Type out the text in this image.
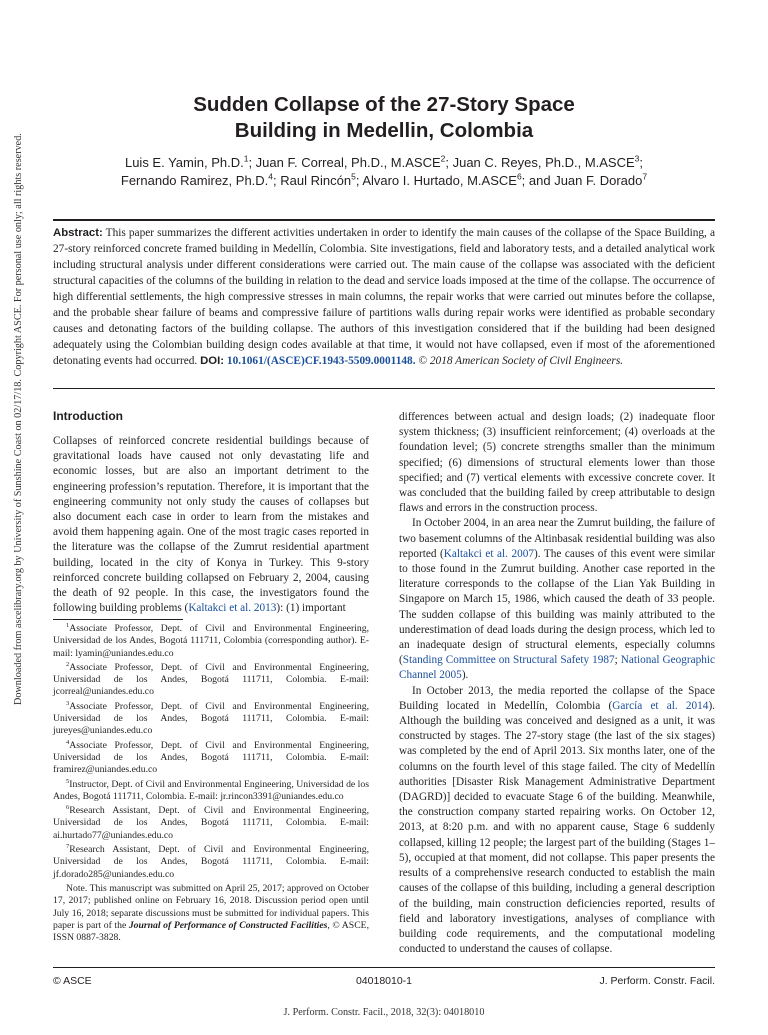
Downloaded from ascelibrary.org by University of Sunshine Coast on 02/17/18. Copyright ASCE. For personal use only; all rights reserved.
Sudden Collapse of the 27-Story Space
Building in Medellin, Colombia
Luis E. Yamin, Ph.D.$^1$; Juan F. Correal, Ph.D., M.ASCE$^2$; Juan C. Reyes, Ph.D., M.ASCE$^3$;
Fernando Ramirez, Ph.D.$^4$; Raul Rincón$^5$; Alvaro I. Hurtado, M.ASCE$^6$; and Juan F. Dorado$^7$
Abstract: This paper summarizes the different activities undertaken in order to identify the main causes of the collapse of the Space Building, a 27-story reinforced concrete framed building in Medellín, Colombia. Site investigations, field and laboratory tests, and a detailed analytical work including structural analysis under different considerations were carried out. The main cause of the collapse was associated with the deficient structural capacities of the columns of the building in relation to the dead and service loads imposed at the time of the collapse. The occurrence of high differential settlements, the high compressive stresses in main columns, the repair works that were carried out minutes before the collapse, and the probable shear failure of beams and compressive failure of partitions walls during repair works were identified as probable secondary causes and detonating factors of the building collapse. The authors of this investigation considered that if the building had been designed adequately using the Colombian building design codes available at that time, it would not have collapsed, even if most of the aforementioned detonating events had occurred. DOI: 10.1061/(ASCE)CF.1943-5509.0001148. © 2018 American Society of Civil Engineers.
Introduction

Collapses of reinforced concrete residential buildings because of gravitational loads have caused not only devastating life and economic losses, but are also an important detriment to the engineering profession’s reputation. Therefore, it is important that the engineering community not only study the causes of collapses but also document each case in order to learn from the mistakes and avoid them happening again. One of the most tragic cases reported in the literature was the collapse of the Zumrut residential apartment building, located in the city of Konya in Turkey. This 9-story reinforced concrete building collapsed on February 2, 2004, causing the death of 92 people. In this case, the investigators found the following building problems (Kaltakci et al. 2013): (1) important

$^1$Associate Professor, Dept. of Civil and Environmental Engineering, Universidad de los Andes, Bogotá 111711, Colombia (corresponding author). E-mail: lyamin@uniandes.edu.co

$^2$Associate Professor, Dept. of Civil and Environmental Engineering, Universidad de los Andes, Bogotá 111711, Colombia. E-mail: jcorreal@uniandes.edu.co

$^3$Associate Professor, Dept. of Civil and Environmental Engineering, Universidad de los Andes, Bogotá 111711, Colombia. E-mail: jureyes@uniandes.edu.co

$^4$Associate Professor, Dept. of Civil and Environmental Engineering, Universidad de los Andes, Bogotá 111711, Colombia. E-mail: framirez@uniandes.edu.co

$^5$Instructor, Dept. of Civil and Environmental Engineering, Universidad de los Andes, Bogotá 111711, Colombia. E-mail: jr.rincon3391@uniandes.edu.co

$^6$Research Assistant, Dept. of Civil and Environmental Engineering, Universidad de los Andes, Bogotá 111711, Colombia. E-mail: ai.hurtado77@uniandes.edu.co

$^7$Research Assistant, Dept. of Civil and Environmental Engineering, Universidad de los Andes, Bogotá 111711, Colombia. E-mail: jf.dorado285@uniandes.edu.co

Note. This manuscript was submitted on April 25, 2017; approved on October 17, 2017; published online on February 16, 2018. Discussion period open until July 16, 2018; separate discussions must be submitted for individual papers. This paper is part of the Journal of Performance of Constructed Facilities, © ASCE, ISSN 0887-3828.

differences between actual and design loads; (2) inadequate floor system thickness; (3) insufficient reinforcement; (4) overloads at the foundation level; (5) concrete strengths smaller than the minimum specified; (6) dimensions of structural elements lower than those specified; and (7) vertical elements with excessive concrete cover. It was concluded that the building failed by creep attributable to design flaws and errors in the construction process.

In October 2004, in an area near the Zumrut building, the failure of two basement columns of the Altinbasak residential building was also reported (Kaltakci et al. 2007). The causes of this event were similar to those found in the Zumrut building. Another case reported in the literature corresponds to the collapse of the Lian Yak Building in Singapore on March 15, 1986, which caused the death of 33 people. The sudden collapse of this building was mainly attributed to the underestimation of dead loads during the design process, which led to an inadequate design of structural elements, especially columns (Standing Committee on Structural Safety 1987; National Geographic Channel 2005).

In October 2013, the media reported the collapse of the Space Building located in Medellín, Colombia (García et al. 2014). Although the building was conceived and designed as a unit, it was constructed by stages. The 27-story stage (the last of the six stages) was completed by the end of April 2013. Six months later, one of the columns on the fourth level of this stage failed. The city of Medellín authorities [Disaster Risk Management Administrative Department (DAGRD)] decided to evacuate Stage 6 of the building. Meanwhile, the construction company started repairing works. On October 12, 2013, at 8:20 p.m. and with no apparent cause, Stage 6 suddenly collapsed, killing 12 people; the largest part of the building (Stages 1–5), occupied at that moment, did not collapse. This paper presents the results of a comprehensive research conducted to establish the main causes of the collapse of this building, including a general description of the building, main construction deficiencies reported, results of field and laboratory investigations, analyses of compliance with building code requirements, and the computational modeling conducted to understand the causes of collapse.

© ASCE	04018010-1	J. Perform. Constr. Facil.
J. Perform. Constr. Facil., 2018, 32(3): 04018010
